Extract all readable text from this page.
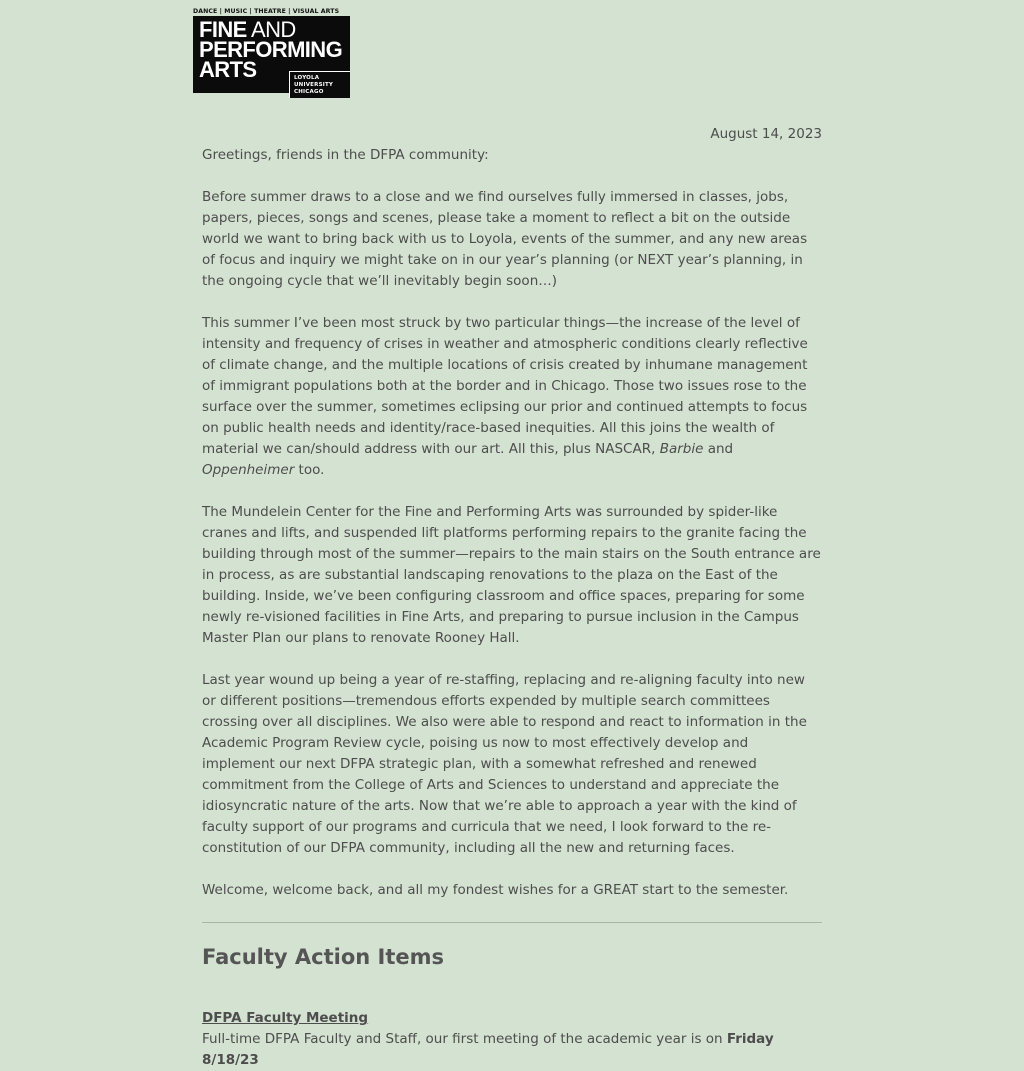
DANCE | MUSIC | THEATRE | VISUAL ARTS
FINE AND
PERFORMING
ARTS	LOYOLA
UNIVERSITY
CHICAGO
August 14, 2023

Greetings, friends in the DFPA community:

Before summer draws to a close and we find ourselves fully immersed in classes, jobs, papers, pieces, songs and scenes, please take a moment to reflect a bit on the outside world we want to bring back with us to Loyola, events of the summer, and any new areas of focus and inquiry we might take on in our year’s planning (or NEXT year’s planning, in the ongoing cycle that we’ll inevitably begin soon…)

This summer I’ve been most struck by two particular things—the increase of the level of intensity and frequency of crises in weather and atmospheric conditions clearly reflective of climate change, and the multiple locations of crisis created by inhumane management of immigrant populations both at the border and in Chicago. Those two issues rose to the surface over the summer, sometimes eclipsing our prior and continued attempts to focus on public health needs and identity/race-based inequities. All this joins the wealth of material we can/should address with our art. All this, plus NASCAR, Barbie and Oppenheimer too.

The Mundelein Center for the Fine and Performing Arts was surrounded by spider-like cranes and lifts, and suspended lift platforms performing repairs to the granite facing the building through most of the summer—repairs to the main stairs on the South entrance are in process, as are substantial landscaping renovations to the plaza on the East of the building. Inside, we’ve been configuring classroom and office spaces, preparing for some newly re-visioned facilities in Fine Arts, and preparing to pursue inclusion in the Campus Master Plan our plans to renovate Rooney Hall.

Last year wound up being a year of re-staffing, replacing and re-aligning faculty into new or different positions—tremendous efforts expended by multiple search committees crossing over all disciplines. We also were able to respond and react to information in the Academic Program Review cycle, poising us now to most effectively develop and implement our next DFPA strategic plan, with a somewhat refreshed and renewed commitment from the College of Arts and Sciences to understand and appreciate the idiosyncratic nature of the arts. Now that we’re able to approach a year with the kind of faculty support of our programs and curricula that we need, I look forward to the re-constitution of our DFPA community, including all the new and returning faces.

Welcome, welcome back, and all my fondest wishes for a GREAT start to the semester.

Faculty Action Items
DFPA Faculty Meeting
Full-time DFPA Faculty and Staff, our first meeting of the academic year is on Friday 8/18/23
